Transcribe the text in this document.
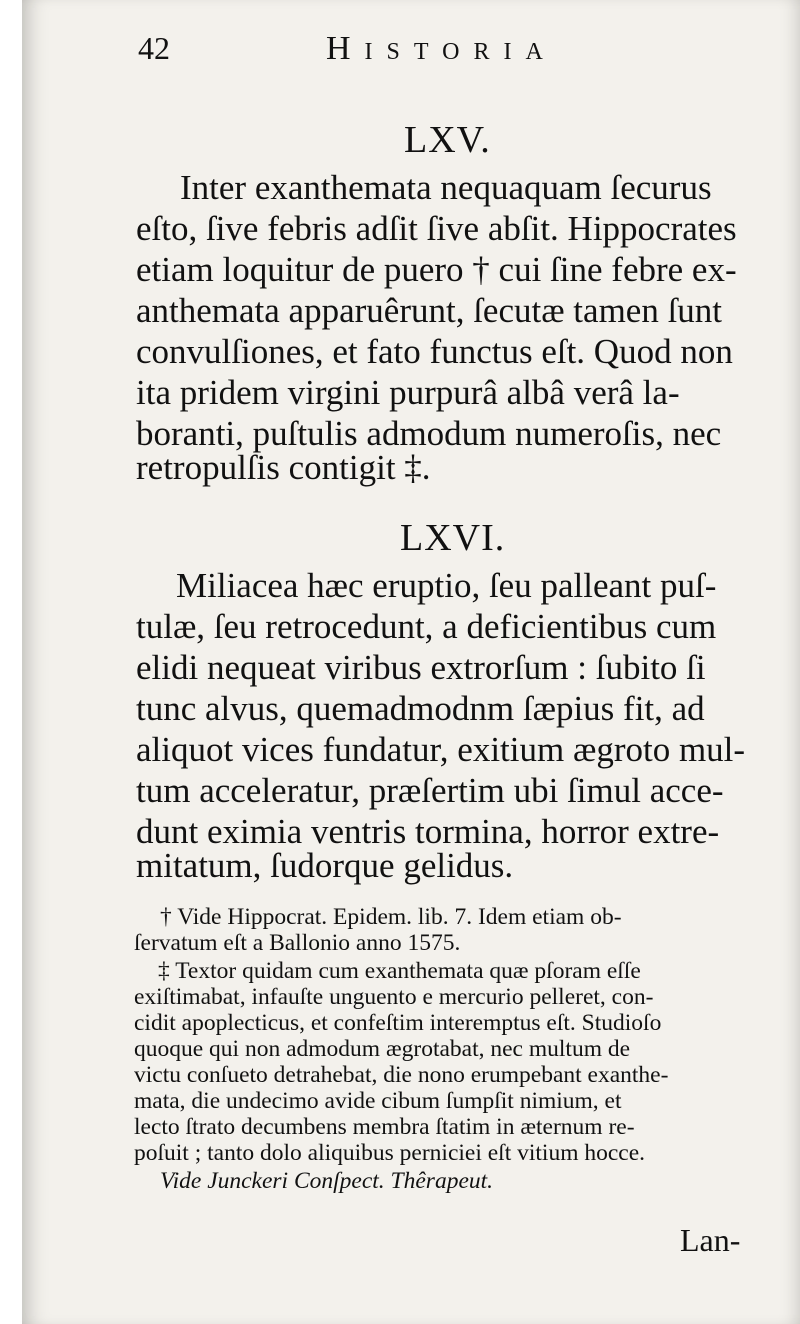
42	Historia
LXV.
Inter exanthemata nequaquam ſecurus
eſto, ſive febris adſit ſive abſit. Hippocrates
etiam loquitur de puero † cui ſine febre ex-
anthemata apparuêrunt, ſecutæ tamen ſunt
convulſiones, et fato functus eſt. Quod non
ita pridem virgini purpurâ albâ verâ la-
boranti, puſtulis admodum numeroſis, nec
retropulſis contigit ‡.
LXVI.
Miliacea hæc eruptio, ſeu palleant puſ-
tulæ, ſeu retrocedunt, a deficientibus cum
elidi nequeat viribus extrorſum : ſubito ſi
tunc alvus, quemadmodnm ſæpius fit, ad
aliquot vices fundatur, exitium ægroto mul-
tum acceleratur, præſertim ubi ſimul acce-
dunt eximia ventris tormina, horror extre-
mitatum, ſudorque gelidus.
† Vide Hippocrat. Epidem. lib. 7. Idem etiam ob-
ſervatum eſt a Ballonio anno 1575.
‡ Textor quidam cum exanthemata quæ pſoram eſſe
exiſtimabat, infauſte unguento e mercurio pelleret, con-
cidit apoplecticus, et confeſtim interemptus eſt. Studioſo
quoque qui non admodum ægrotabat, nec multum de
victu conſueto detrahebat, die nono erumpebant exanthe-
mata, die undecimo avide cibum ſumpſit nimium, et
lecto ſtrato decumbens membra ſtatim in æternum re-
poſuit ; tanto dolo aliquibus perniciei eſt vitium hocce.
Vide Junckeri Conſpect. Thêrapeut.
Lan-
